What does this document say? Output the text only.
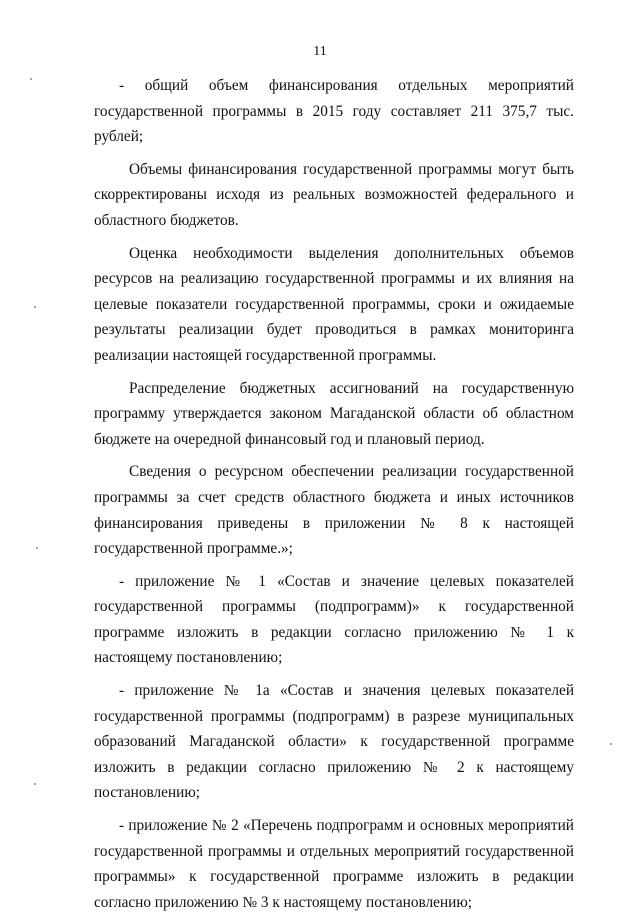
11

- общий объем финансирования отдельных мероприятий государственной программы в 2015 году составляет 211 375,7 тыс. рублей;

Объемы финансирования государственной программы могут быть скорректированы исходя из реальных возможностей федерального и областного бюджетов.

Оценка необходимости выделения дополнительных объемов ресурсов на реализацию государственной программы и их влияния на целевые показатели государственной программы, сроки и ожидаемые результаты реализации будет проводиться в рамках мониторинга реализации настоящей государственной программы.

Распределение бюджетных ассигнований на государственную программу утверждается законом Магаданской области об областном бюджете на очередной финансовый год и плановый период.

Сведения о ресурсном обеспечении реализации государственной программы за счет средств областного бюджета и иных источников финансирования приведены в приложении № 8 к настоящей государственной программе.»;

- приложение № 1 «Состав и значение целевых показателей государственной программы (подпрограмм)» к государственной программе изложить в редакции согласно приложению № 1 к настоящему постановлению;

- приложение № 1а «Состав и значения целевых показателей государственной программы (подпрограмм) в разрезе муниципальных образований Магаданской области» к государственной программе изложить в редакции согласно приложению № 2 к настоящему постановлению;

- приложение № 2 «Перечень подпрограмм и основных мероприятий государственной программы и отдельных мероприятий государственной программы» к государственной программе изложить в редакции согласно приложению № 3 к настоящему постановлению;
